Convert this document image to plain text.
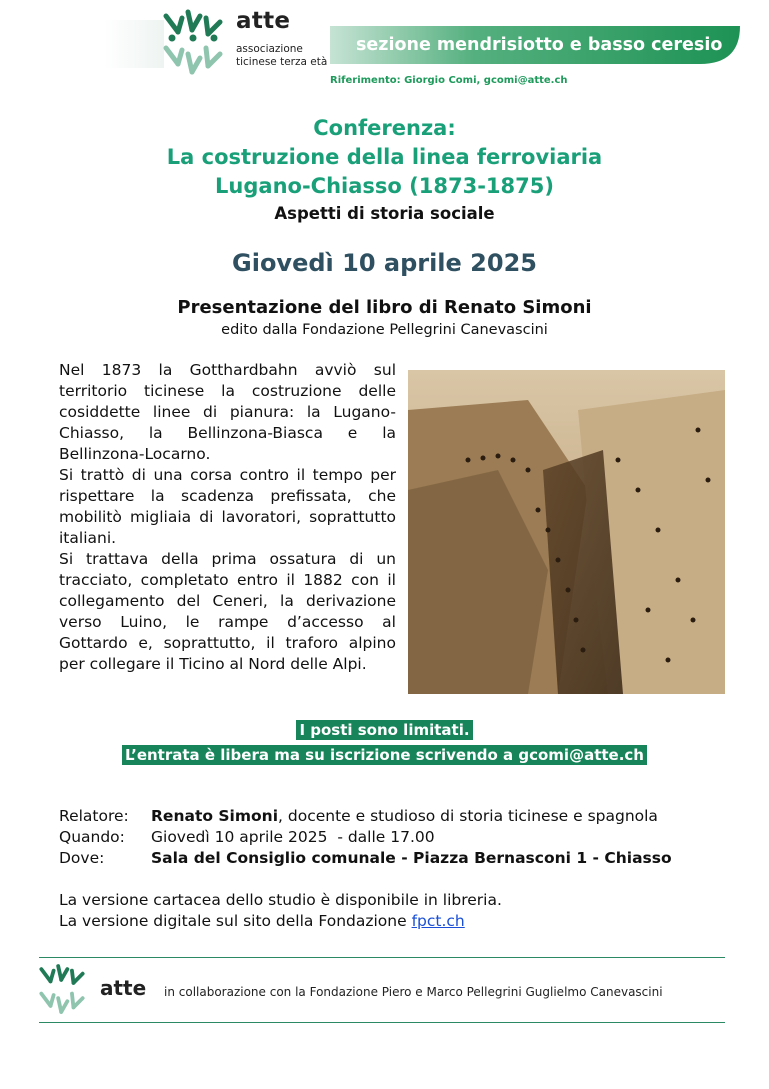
atte
associazione
ticinese terza età
sezione mendrisiotto e basso ceresio
Riferimento: Giorgio Comi, gcomi@atte.ch
Conferenza:
La costruzione della linea ferroviaria
Lugano-Chiasso (1873-1875)
Aspetti di storia sociale
Giovedì 10 aprile 2025
Presentazione del libro di Renato Simoni
edito dalla Fondazione Pellegrini Canevascini

Nel 1873 la Gotthardbahn avviò sul territorio ticinese la costruzione delle cosiddette linee di pianura: la Lugano-Chiasso, la Bellinzona-Biasca e la Bellinzona-Locarno.

Si trattò di una corsa contro il tempo per rispettare la scadenza prefissata, che mobilitò migliaia di lavoratori, soprattutto italiani.

Si trattava della prima ossatura di un tracciato, completato entro il 1882 con il collegamento del Ceneri, la derivazione verso Luino, le rampe d’accesso al Gottardo e, soprattutto, il traforo alpino per collegare il Ticino al Nord delle Alpi.

I posti sono limitati.
L’entrata è libera ma su iscrizione scrivendo a gcomi@atte.ch
Relatore:	Renato Simoni, docente e studioso di storia ticinese e spagnola
Quando:	Giovedì 10 aprile 2025  - dalle 17.00
Dove:	Sala del Consiglio comunale - Piazza Bernasconi 1 - Chiasso
La versione cartacea dello studio è disponibile in libreria.
La versione digitale sul sito della Fondazione fpct.ch
atte in collaborazione con la Fondazione Piero e Marco Pellegrini Guglielmo Canevascini
